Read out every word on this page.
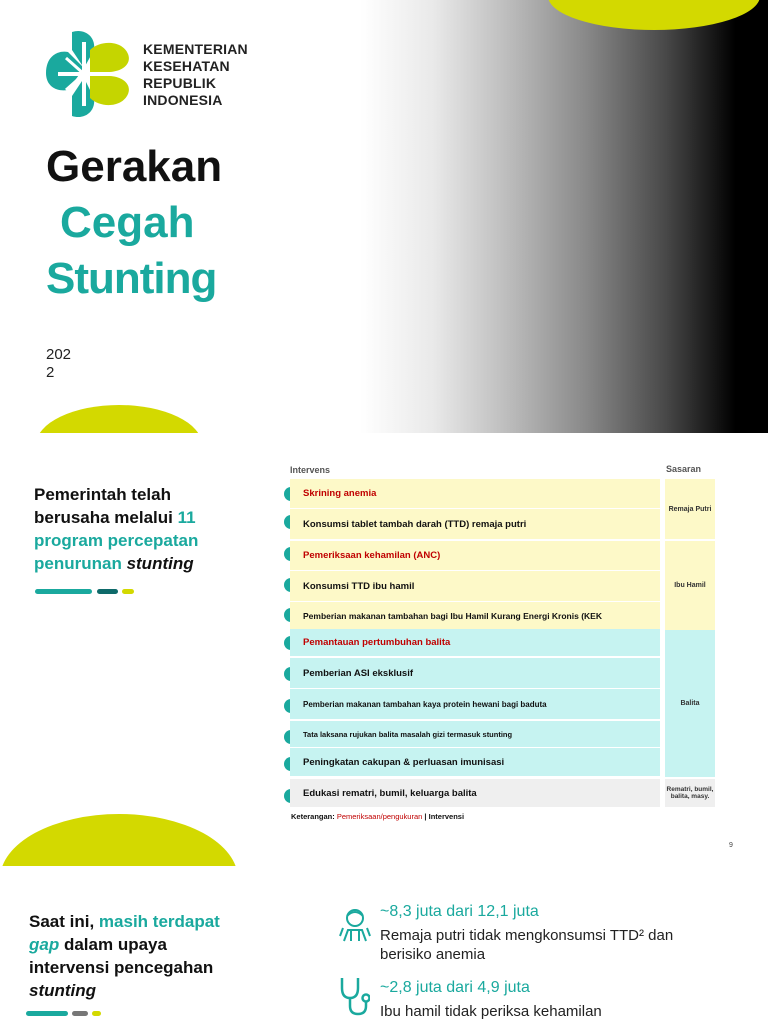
KEMENTERIAN
KESEHATAN
REPUBLIK
INDONESIA
Gerakan
Cegah
Stunting
2022
Pemerintah telah berusaha melalui 11 program percepatan penurunan stunting
Intervens	Sasaran
Skrining anemia
Konsumsi tablet tambah darah (TTD) remaja putri
Pemeriksaan kehamilan (ANC)
Konsumsi TTD ibu hamil
Pemberian makanan tambahan bagi Ibu Hamil Kurang Energi Kronis (KEK
Pemantauan pertumbuhan balita
Pemberian ASI eksklusif
Pemberian makanan tambahan kaya protein hewani bagi baduta
Tata laksana rujukan balita masalah gizi termasuk stunting
Peningkatan cakupan & perluasan imunisasi
Edukasi rematri, bumil, keluarga balita
Remaja Putri
Ibu Hamil
Balita
Rematri, bumil, balita, masy.
Keterangan: Pemeriksaan/pengukuran | Intervensi
9
Saat ini, masih terdapat gap dalam upaya intervensi pencegahan stunting
~8,3 juta dari 12,1 juta
Remaja putri tidak mengkonsumsi TTD² dan berisiko anemia
~2,8 juta dari 4,9 juta
Ibu hamil tidak periksa kehamilan
